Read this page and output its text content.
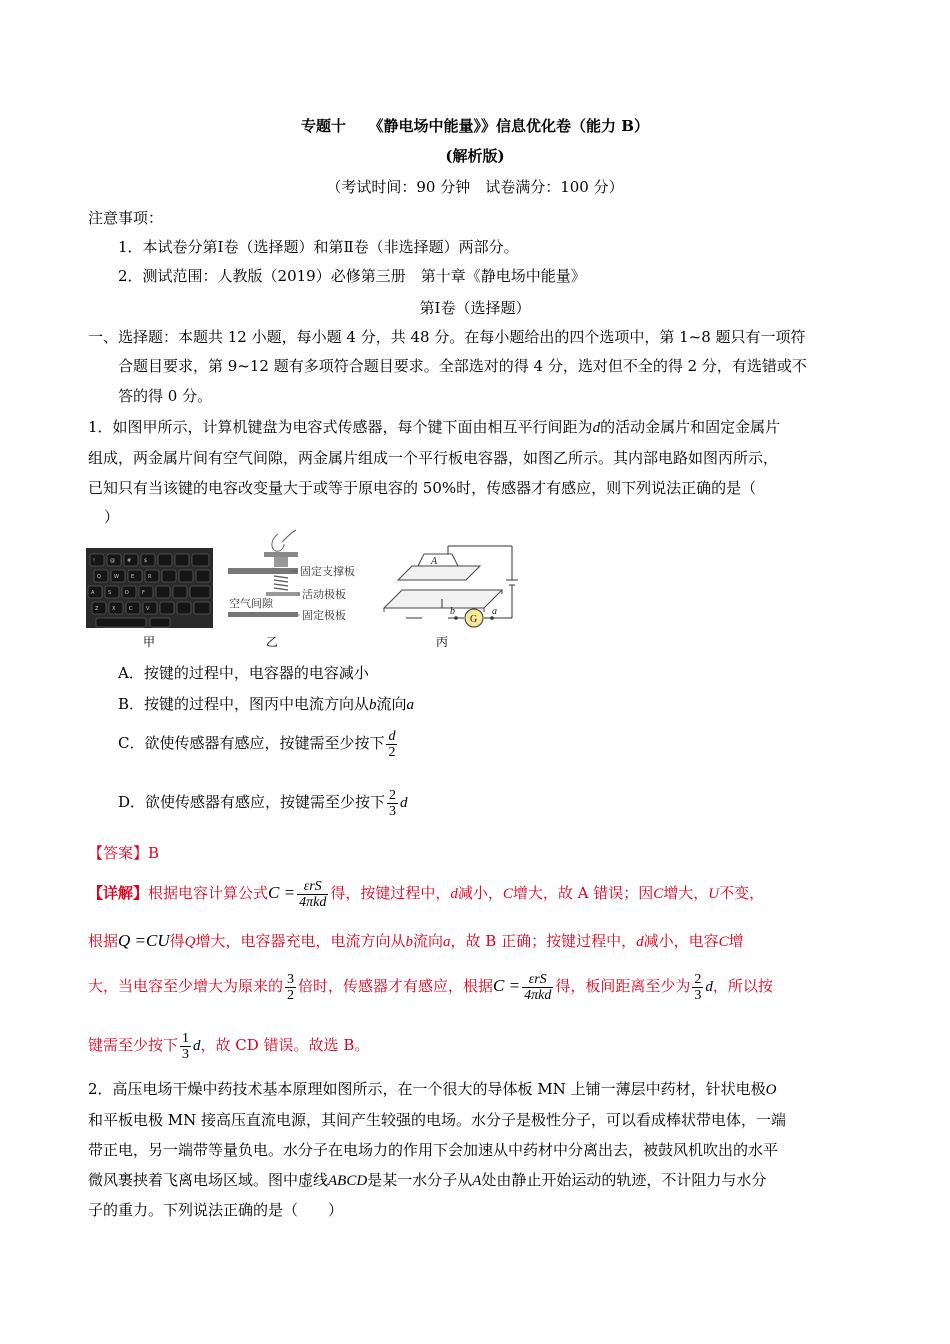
专题十　　《静电场中能量》》信息优化卷（能力 B）
(解析版)
（考试时间：90 分钟　试卷满分：100 分）
注意事项：
1．本试卷分第Ⅰ卷（选择题）和第Ⅱ卷（非选择题）两部分。
2．测试范围：人教版（2019）必修第三册　第十章《静电场中能量》
第Ⅰ卷（选择题）
一、选择题：本题共 12 小题，每小题 4 分，共 48 分。在每小题给出的四个选项中，第 1~8 题只有一项符
合题目要求，第 9~12 题有多项符合题目要求。全部选对的得 4 分，选对但不全的得 2 分，有选错或不
答的得 0 分。
1．如图甲所示，计算机键盘为电容式传感器，每个键下面由相互平行间距为d的活动金属片和固定金属片
组成，两金属片间有空气间隙，两金属片组成一个平行板电容器，如图乙所示。其内部电路如图丙所示，
已知只有当该键的电容改变量大于或等于原电容的 50%时，传感器才有感应，则下列说法正确的是（
）
!	@ #	$
Q	W E	R
A	S	D	F
Z	X	C	V
甲
固定支撑板
空气间隙
活动极板
固定极板
乙
A
G
b	a
丙
A．按键的过程中，电容器的电容减小
B．按键的过程中，图丙中电流方向从b流向a
C．欲使传感器有感应，按键需至少按下 $\frac{d}{2}$
D．欲使传感器有感应，按键需至少按下 $\frac{2}{3}$ d
【答案】B
【详解】根据电容计算公式$C = \frac{\text{εrS}}{\text{4πkd}}$ 得，按键过程中，d减小，C增大，故 A 错误；因C增大，U不变，
根据Q =CU得Q增大，电容器充电，电流方向从b流向a，故 B 正确；按键过程中，d减小，电容C增
大，当电容至少增大为原来的 $\frac{3}{2}$ 倍时，传感器才有感应，根据$C = \frac{\text{εrS}}{\text{4πkd}}$ 得，板间距离至少为 $\frac{2}{3}$ d，所以按
键需至少按下 $\frac{1}{3}$ d，故 CD 错误。故选 B。
2．高压电场干燥中药技术基本原理如图所示，在一个很大的导体板 MN 上铺一薄层中药材，针状电极O
和平板电极 MN 接高压直流电源，其间产生较强的电场。水分子是极性分子，可以看成棒状带电体，一端
带正电，另一端带等量负电。水分子在电场力的作用下会加速从中药材中分离出去，被鼓风机吹出的水平
微风裹挟着飞离电场区域。图中虚线ABCD是某一水分子从A处由静止开始运动的轨迹，不计阻力与水分
子的重力。下列说法正确的是（　　）
